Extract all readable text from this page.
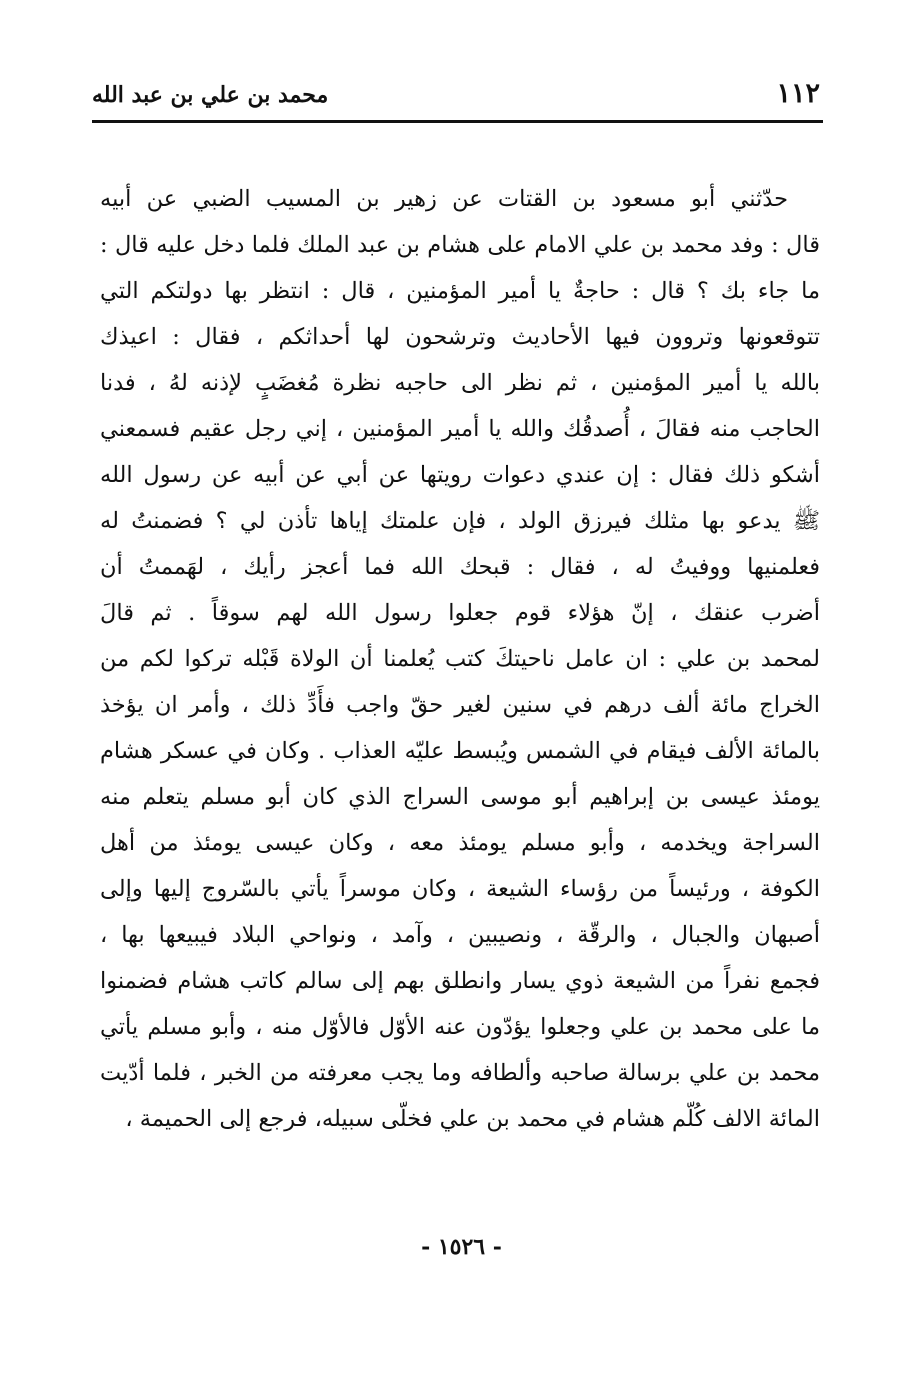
١١٢
محمد بن علي بن عبد الله
حدّثني أبو مسعود بن القتات عن زهير بن المسيب الضبي عن أبيه
قال : وفد محمد بن علي الامام على هشام بن عبد الملك فلما دخل عليه قال :
ما جاء بك ؟ قال : حاجةٌ يا أمير المؤمنين ، قال : انتظر بها دولتكم التي
تتوقعونها وتروون فيها الأحاديث وترشحون لها أحداثكم ، فقال : اعيذك
بالله يا أمير المؤمنين ، ثم نظر الى حاجبه نظرة مُغضَبٍ لإذنه لهُ ، فدنا
الحاجب منه فقالَ ، أُصدقُك والله يا أمير المؤمنين ، إني رجل عقيم فسمعني
أشكو ذلك فقال : إن عندي دعوات رويتها عن أبي عن أبيه عن رسول الله
ﷺ يدعو بها مثلك فيرزق الولد ، فإن علمتك إياها تأذن لي ؟ فضمنتُ له
فعلمنيها ووفيتُ له ، فقال : قبحك الله فما أعجز رأيك ، لهَممتُ أن
أضرب عنقك ، إنّ هؤلاء قوم جعلوا رسول الله لهم سوقاً . ثم قالَ
لمحمد بن علي : ان عامل ناحيتكَ كتب يُعلمنا أن الولاة قَبْله تركوا لكم من
الخراج مائة ألف درهم في سنين لغير حقّ واجب فأَدِّ ذلك ، وأمر ان يؤخذ
بالمائة الألف فيقام في الشمس ويُبسط عليّه العذاب . وكان في عسكر هشام
يومئذ عيسى بن إبراهيم أبو موسى السراج الذي كان أبو مسلم يتعلم منه
السراجة ويخدمه ، وأبو مسلم يومئذ معه ، وكان عيسى يومئذ من أهل
الكوفة ، ورئيساً من رؤساء الشيعة ، وكان موسراً يأتي بالسّروج إليها وإلى
أصبهان والجبال ، والرقّة ، ونصيبين ، وآمد ، ونواحي البلاد فيبيعها بها ،
فجمع نفراً من الشيعة ذوي يسار وانطلق بهم إلى سالم كاتب هشام فضمنوا
ما على محمد بن علي وجعلوا يؤدّون عنه الأوّل فالأوّل منه ، وأبو مسلم يأتي
محمد بن علي برسالة صاحبه وألطافه وما يجب معرفته من الخبر ، فلما أدّيت
المائة الالف كُلّم هشام في محمد بن علي فخلّى سبيله، فرجع إلى الحميمة ،
- ١٥٢٦ -
